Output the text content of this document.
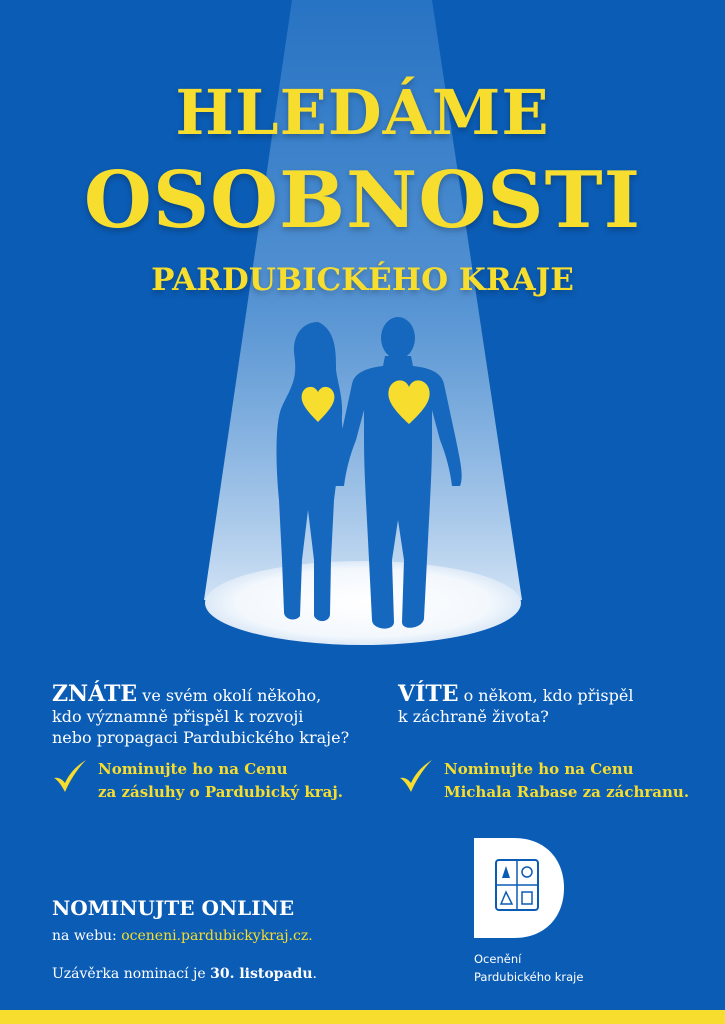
HLEDÁME
OSOBNOSTI
PARDUBICKÉHO KRAJE
ZNÁTE ve svém okolí někoho,
kdo významně přispěl k rozvoji
nebo propagaci Pardubického kraje?
Nominujte ho na Cenu
za zásluhy o Pardubický kraj.
VÍTE o někom, kdo přispěl
k záchraně života?
Nominujte ho na Cenu
Michala Rabase za záchranu.
NOMINUJTE ONLINE
na webu: oceneni.pardubickykraj.cz.
Uzávěrka nominací je 30. listopadu.
Ocenění
Pardubického kraje
